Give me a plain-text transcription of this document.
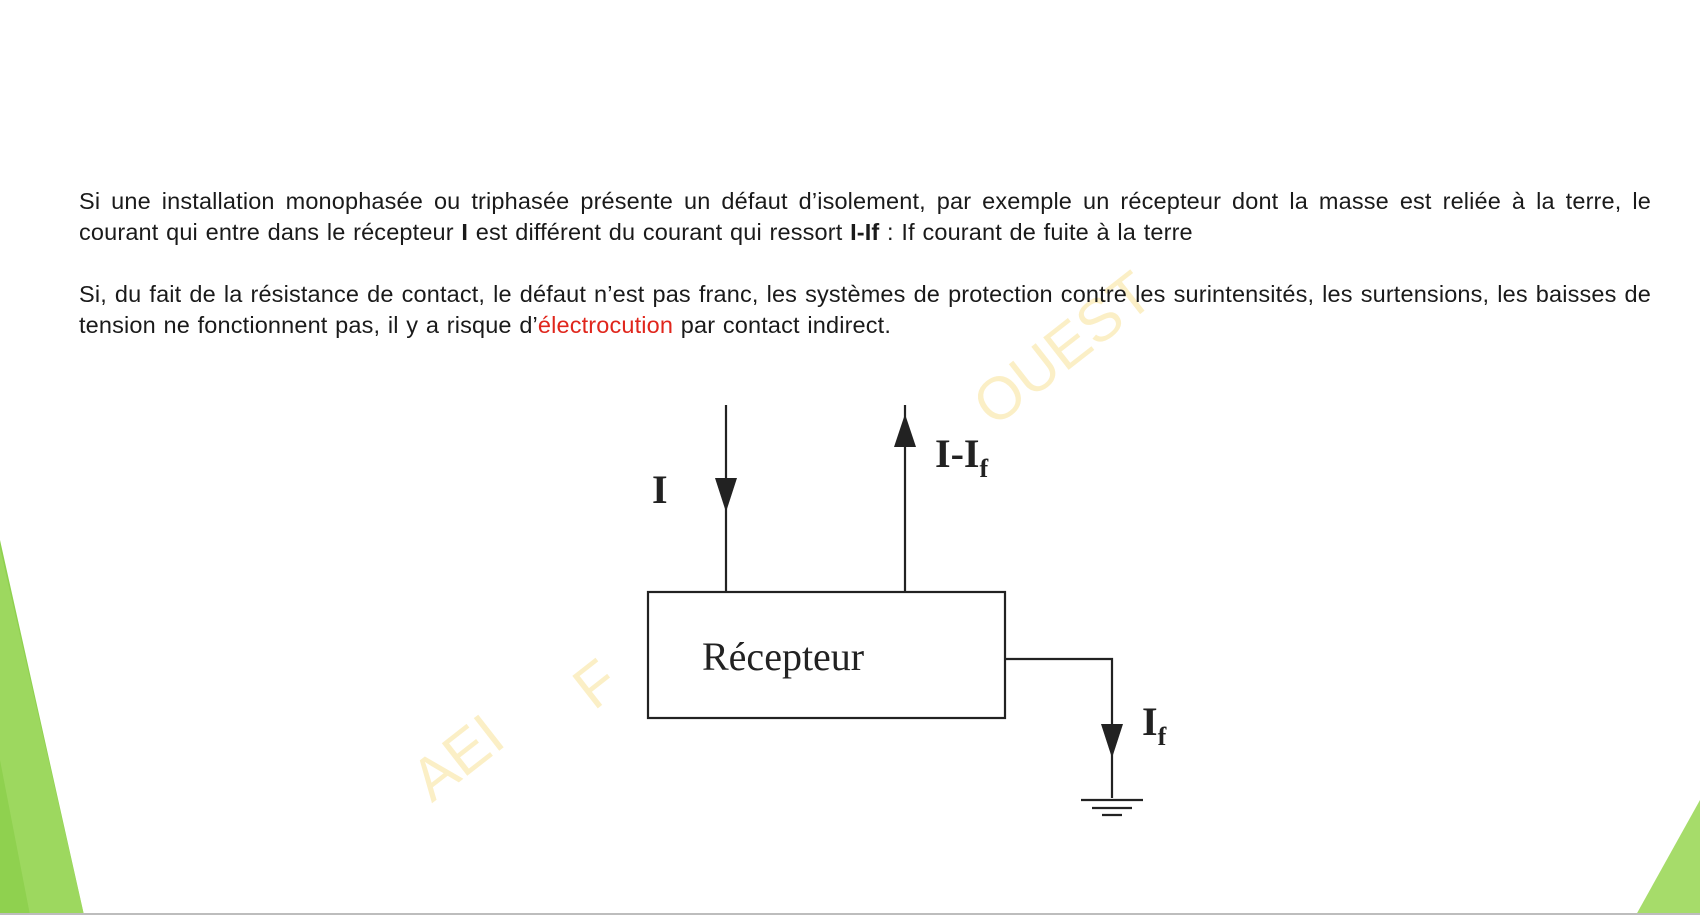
AEI
F
OUEST

Si une installation monophasée ou triphasée présente un défaut d’isolement, par exemple un récepteur dont la masse est reliée à la terre, le courant qui entre dans le récepteur I est différent du courant qui ressort I-If : If courant de fuite à la terre

Si, du fait de la résistance de contact, le défaut n’est pas franc, les systèmes de protection contre les surintensités, les surtensions, les baisses de tension ne fonctionnent pas, il y a risque d’électrocution par contact indirect.

I
$I-I_f$
Récepteur
$I_f$
